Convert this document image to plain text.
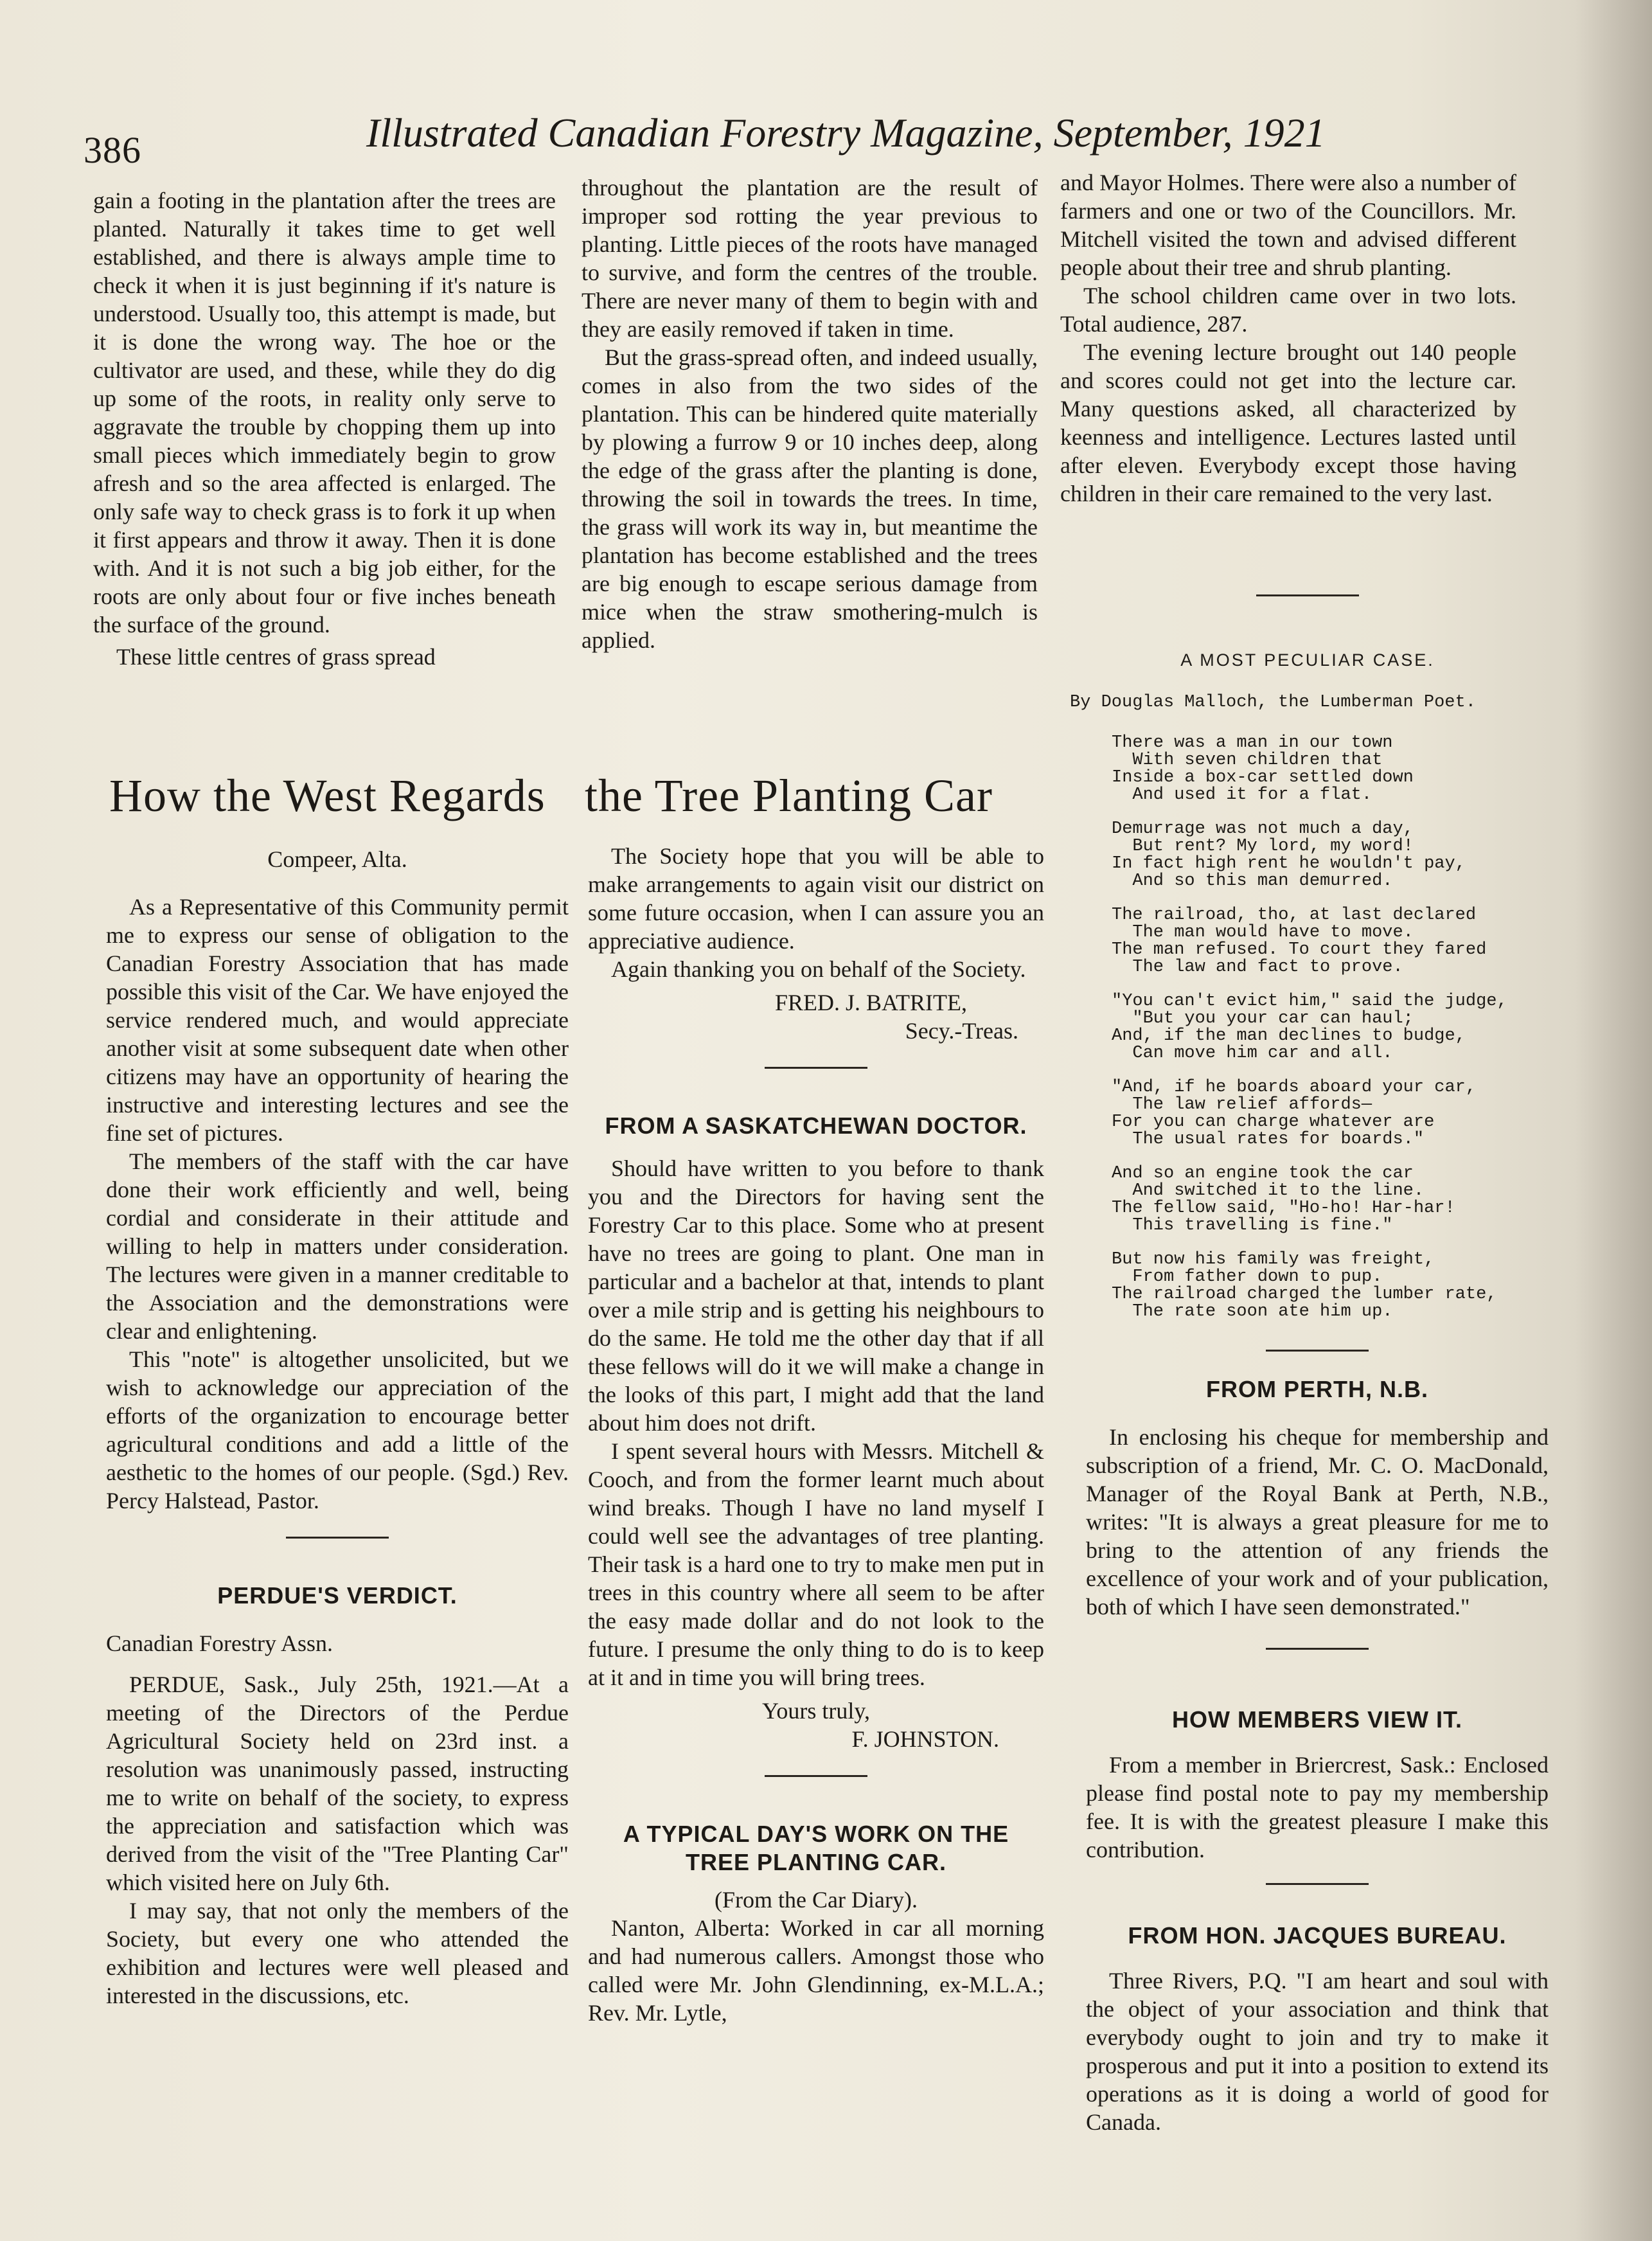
386	Illustrated Canadian Forestry Magazine, September, 1921

gain a footing in the plantation after the trees are planted. Naturally it takes time to get well established, and there is always ample time to check it when it is just beginning if it's nature is understood. Usually too, this attempt is made, but it is done the wrong way. The hoe or the cultivator are used, and these, while they do dig up some of the roots, in reality only serve to aggravate the trouble by chopping them up into small pieces which immediately begin to grow afresh and so the area affected is enlarged. The only safe way to check grass is to fork it up when it first appears and throw it away. Then it is done with. And it is not such a big job either, for the roots are only about four or five inches beneath the surface of the ground.

These little centres of grass spread

throughout the plantation are the result of improper sod rotting the year previous to planting. Little pieces of the roots have managed to survive, and form the centres of the trouble. There are never many of them to begin with and they are easily removed if taken in time.

But the grass-spread often, and indeed usually, comes in also from the two sides of the plantation. This can be hindered quite materially by plowing a furrow 9 or 10 inches deep, along the edge of the grass after the planting is done, throwing the soil in towards the trees. In time, the grass will work its way in, but meantime the plantation has become established and the trees are big enough to escape serious damage from mice when the straw smothering-mulch is applied.

and Mayor Holmes. There were also a number of farmers and one or two of the Councillors. Mr. Mitchell visited the town and advised different people about their tree and shrub planting.

The school children came over in two lots. Total audience, 287.

The evening lecture brought out 140 people and scores could not get into the lecture car. Many questions asked, all characterized by keenness and intelligence. Lectures lasted until after eleven. Everybody except those having children in their care remained to the very last.

How the West Regards the Tree Planting Car

Compeer, Alta.

As a Representative of this Community permit me to express our sense of obligation to the Canadian Forestry Association that has made possible this visit of the Car. We have enjoyed the service rendered much, and would appreciate another visit at some subsequent date when other citizens may have an opportunity of hearing the instructive and interesting lectures and see the fine set of pictures.

The members of the staff with the car have done their work efficiently and well, being cordial and considerate in their attitude and willing to help in matters under consideration. The lectures were given in a manner creditable to the Association and the demonstrations were clear and enlightening.

This "note" is altogether unsolicited, but we wish to acknowledge our appreciation of the efforts of the organization to encourage better agricultural conditions and add a little of the aesthetic to the homes of our people. (Sgd.) Rev. Percy Halstead, Pastor.

PERDUE'S VERDICT.

Canadian Forestry Assn.

PERDUE, Sask., July 25th, 1921.—At a meeting of the Directors of the Perdue Agricultural Society held on 23rd inst. a resolution was unanimously passed, instructing me to write on behalf of the society, to express the appreciation and satisfaction which was derived from the visit of the "Tree Planting Car" which visited here on July 6th.

I may say, that not only the members of the Society, but every one who attended the exhibition and lectures were well pleased and interested in the discussions, etc.

The Society hope that you will be able to make arrangements to again visit our district on some future occasion, when I can assure you an appreciative audience.

Again thanking you on behalf of the Society.

FRED. J. BATRITE,

Secy.-Treas.

FROM A SASKATCHEWAN DOCTOR.

Should have written to you before to thank you and the Directors for having sent the Forestry Car to this place. Some who at present have no trees are going to plant. One man in particular and a bachelor at that, intends to plant over a mile strip and is getting his neighbours to do the same. He told me the other day that if all these fellows will do it we will make a change in the looks of this part, I might add that the land about him does not drift.

I spent several hours with Messrs. Mitchell & Cooch, and from the former learnt much about wind breaks. Though I have no land myself I could well see the advantages of tree planting. Their task is a hard one to try to make men put in trees in this country where all seem to be after the easy made dollar and do not look to the future. I presume the only thing to do is to keep at it and in time you will bring trees.

Yours truly,

F. JOHNSTON.

A TYPICAL DAY'S WORK ON THE

TREE PLANTING CAR.

(From the Car Diary).

Nanton, Alberta: Worked in car all morning and had numerous callers. Amongst those who called were Mr. John Glendinning, ex-M.L.A.; Rev. Mr. Lytle,

A MOST PECULIAR CASE.

By Douglas Malloch, the Lumberman Poet.

There was a man in our town
With seven children that
Inside a box-car settled down
And used it for a flat.
Demurrage was not much a day,
But rent? My lord, my word!
In fact high rent he wouldn't pay,
And so this man demurred.
The railroad, tho, at last declared
The man would have to move.
The man refused. To court they fared
The law and fact to prove.
"You can't evict him," said the judge,
"But you your car can haul;
And, if the man declines to budge,
Can move him car and all.
"And, if he boards aboard your car,
The law relief affords—
For you can charge whatever are
The usual rates for boards."
And so an engine took the car
And switched it to the line.
The fellow said, "Ho-ho! Har-har!
This travelling is fine."
But now his family was freight,
From father down to pup.
The railroad charged the lumber rate,
The rate soon ate him up.

FROM PERTH, N.B.

In enclosing his cheque for membership and subscription of a friend, Mr. C. O. MacDonald, Manager of the Royal Bank at Perth, N.B., writes: "It is always a great pleasure for me to bring to the attention of any friends the excellence of your work and of your publication, both of which I have seen demonstrated."

HOW MEMBERS VIEW IT.

From a member in Briercrest, Sask.: Enclosed please find postal note to pay my membership fee. It is with the greatest pleasure I make this contribution.

FROM HON. JACQUES BUREAU.

Three Rivers, P.Q. "I am heart and soul with the object of your association and think that everybody ought to join and try to make it prosperous and put it into a position to extend its operations as it is doing a world of good for Canada.
